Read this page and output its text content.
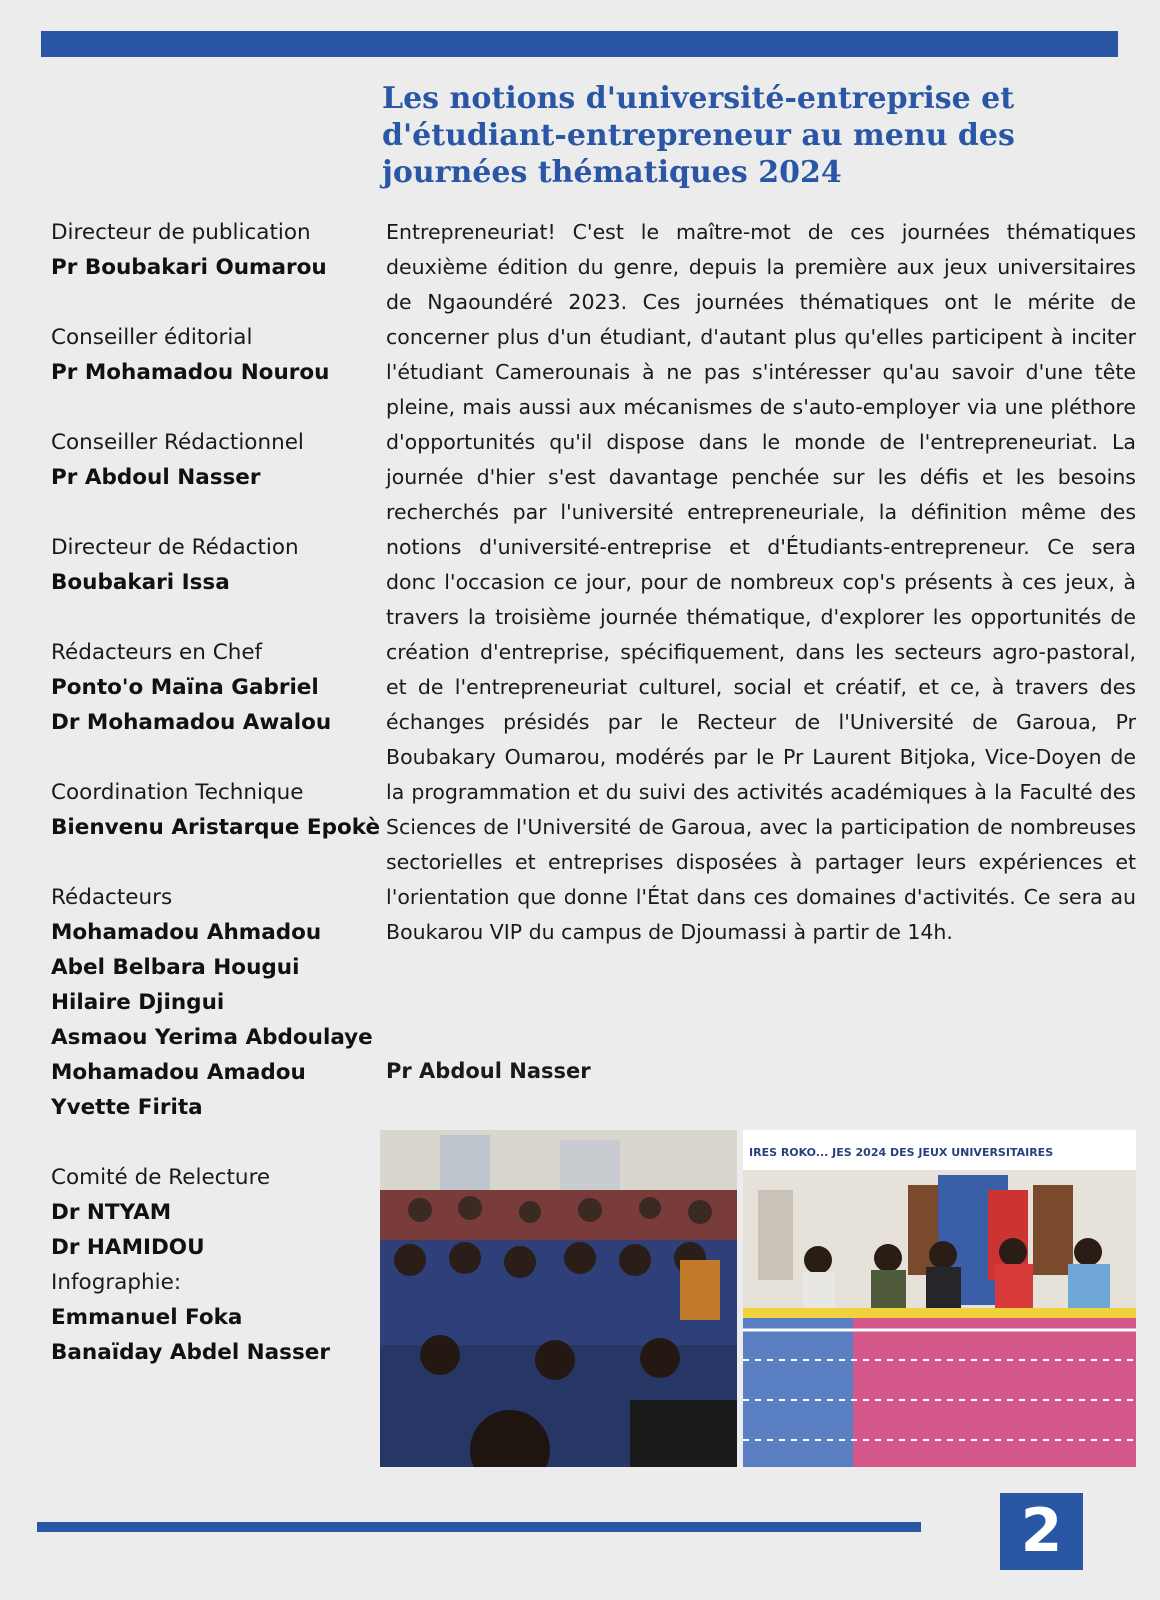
Les notions d'université-entreprise et d'étudiant-entrepreneur au menu des journées thématiques 2024
Directeur de publication
Pr Boubakari Oumarou
Conseiller éditorial
Pr Mohamadou Nourou
Conseiller Rédactionnel
Pr Abdoul Nasser
Directeur de Rédaction
Boubakari Issa
Rédacteurs en Chef
Ponto'o Maïna Gabriel
Dr Mohamadou Awalou
Coordination Technique
Bienvenu Aristarque Epokè
Rédacteurs
Mohamadou Ahmadou
Abel Belbara Hougui
Hilaire Djingui
Asmaou Yerima Abdoulaye
Mohamadou Amadou
Yvette Firita
Comité de Relecture
Dr NTYAM
Dr HAMIDOU
Infographie:
Emmanuel Foka
Banaïday Abdel Nasser

Entrepreneuriat! C'est le maître-mot de ces journées thématiques deuxième édition du genre, depuis la première aux jeux universitaires de Ngaoundéré 2023. Ces journées thématiques ont le mérite de concerner plus d'un étudiant, d'autant plus qu'elles participent à inciter l'étudiant Camerounais à ne pas s'intéresser qu'au savoir d'une tête pleine, mais aussi aux mécanismes de s'auto-employer via une pléthore d'opportunités qu'il dispose dans le monde de l'entrepreneuriat. La journée d'hier s'est davantage penchée sur les défis et les besoins recherchés par l'université entrepreneuriale, la définition même des notions d'université-entreprise et d'Étudiants-entrepreneur. Ce sera donc l'occasion ce jour, pour de nombreux cop's présents à ces jeux, à travers la troisième journée thématique, d'explorer les opportunités de création d'entreprise, spécifiquement, dans les secteurs agro-pastoral, et de l'entrepreneuriat culturel, social et créatif, et ce, à travers des échanges présidés par le Recteur de l'Université de Garoua, Pr Boubakary Oumarou, modérés par le Pr Laurent Bitjoka, Vice-Doyen de la programmation et du suivi des activités académiques à la Faculté des Sciences de l'Université de Garoua, avec la participation de nombreuses sectorielles et entreprises disposées à partager leurs expériences et l'orientation que donne l'État dans ces domaines d'activités. Ce sera au Boukarou VIP du campus de Djoumassi à partir de 14h.

Pr Abdoul Nasser
IRES ROKO... JES 2024 DES JEUX UNIVERSITAIRES
2
